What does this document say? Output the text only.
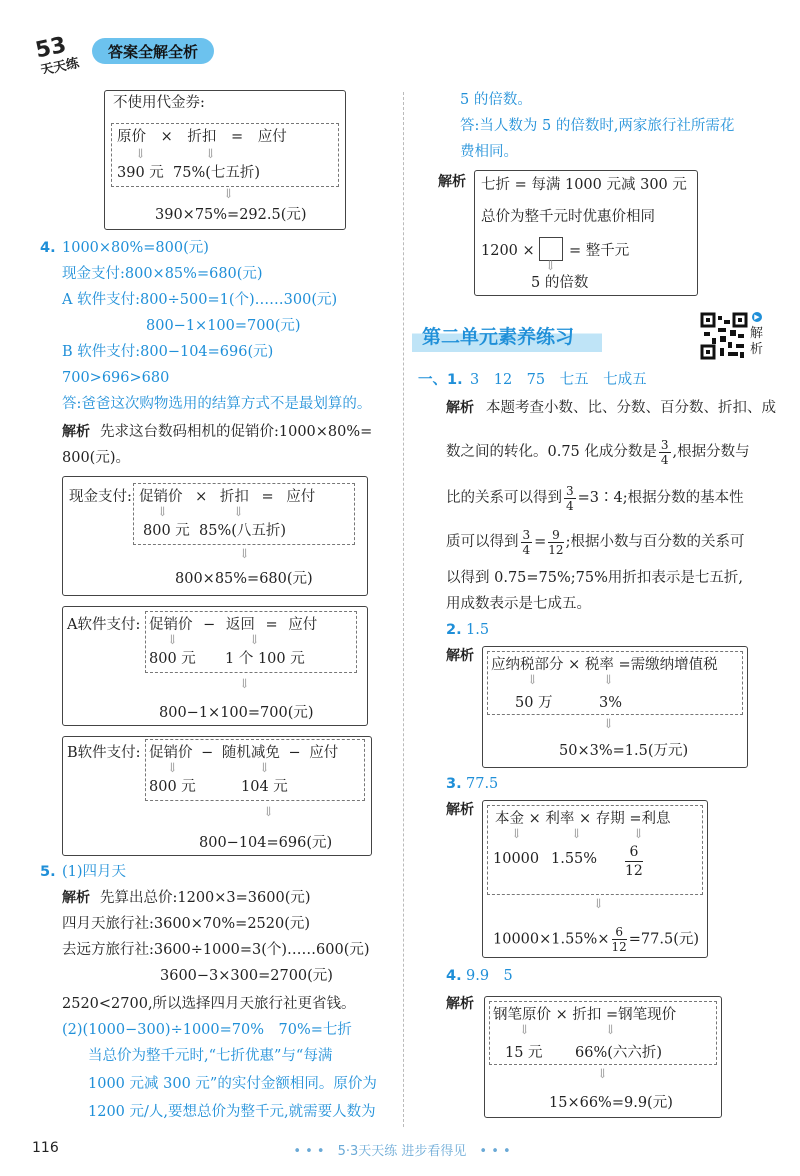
53
天天练
答案全解全析
不使用代金券:
原价 × 折扣 = 应付
⇓	⇓
390 元 75%(七五折)
⇓
390×75%=292.5(元)
4. 1000×80%=800(元)
现金支付:800×85%=680(元)
A 软件支付:800÷500=1(个)……300(元)
800−1×100=700(元)
B 软件支付:800−104=696(元)
700>696>680
答:爸爸这次购物选用的结算方式不是最划算的。
解析 先求这台数码相机的促销价:1000×80%=
800(元)。
现金支付: 促销价 × 折扣 = 应付
⇓	⇓
800 元 85%(八五折)
⇓
800×85%=680(元)
A软件支付: 促销价 − 返回 = 应付
⇓	⇓
800 元 1 个 100 元
⇓
800−1×100=700(元)
B软件支付: 促销价 − 随机减免 − 应付
⇓	⇓
800 元	104 元
⇓
800−104=696(元)
5. (1)四月天
解析 先算出总价:1200×3=3600(元)
四月天旅行社:3600×70%=2520(元)
去远方旅行社:3600÷1000=3(个)……600(元)
3600−3×300=2700(元)
2520<2700,所以选择四月天旅行社更省钱。
(2)(1000−300)÷1000=70%　70%=七折
当总价为整千元时,“七折优惠”与“每满
1000 元减 300 元”的实付金额相同。原价为
1200 元/人,要想总价为整千元,就需要人数为
116
5 的倍数。
答:当人数为 5 的倍数时,两家旅行社所需花
费相同。
解析 七折 = 每满 1000 元减 300 元
总价为整千元时优惠价相同
1200 × = 整千元
⇓
5 的倍数
第二单元素养练习
▶
解析
一、1. 3　12　75　七五　七成五
解析 本题考查小数、比、分数、百分数、折扣、成
数之间的转化。0.75 化成分数是 $\frac{3}{4}$ ,根据分数与
比的关系可以得到 $\frac{3}{4}$ =3∶4;根据分数的基本性
质可以得到 $\frac{3}{4} = \frac{9}{12}$ ;根据小数与百分数的关系可
以得到 0.75=75%;75%用折扣表示是七五折,
用成数表示是七成五。
2. 1.5
解析
应纳税部分 × 税率 =需缴纳增值税
⇓	⇓
50 万	3%
⇓
50×3%=1.5(万元)
3. 77.5
解析
本金 × 利率 × 存期 =利息
⇓	⇓	⇓
10000 1.55%	6
12
⇓
$10000\times 1.55\%\times \frac{6}{12} =77.5$(元)
4. 9.9　5
解析
钢笔原价 × 折扣 =钢笔现价
⇓	⇓
15 元 66%(六六折)
⇓
15×66%=9.9(元)
• • •　5·3天天练 进步看得见　• • •
